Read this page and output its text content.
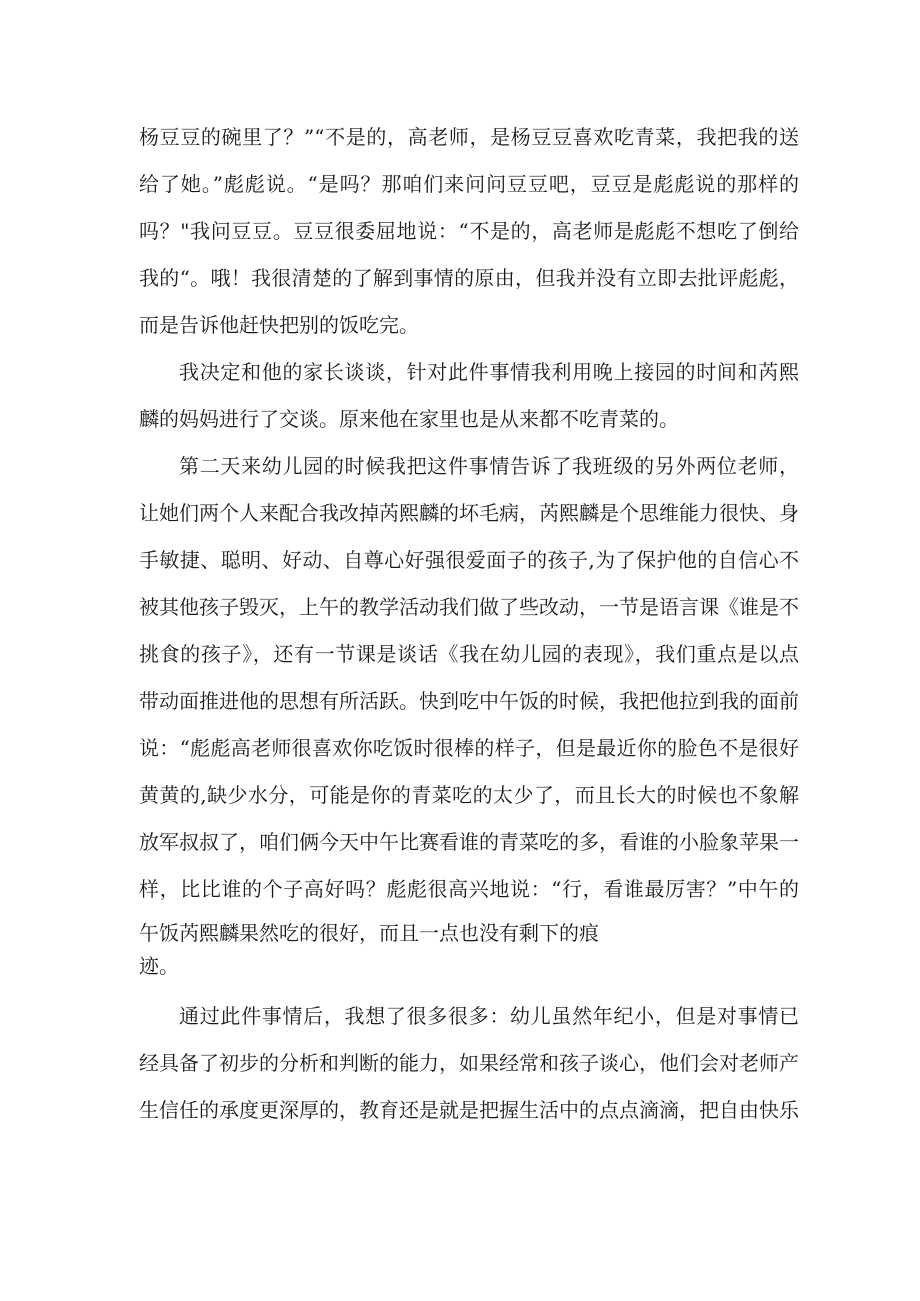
杨豆豆的碗里了？”“不是的，高老师，是杨豆豆喜欢吃青菜，我把我的送
给了她。”彪彪说。“是吗？那咱们来问问豆豆吧，豆豆是彪彪说的那样的
吗？"我问豆豆。豆豆很委屈地说：“不是的，高老师是彪彪不想吃了倒给
我的“。哦！我很清楚的了解到事情的原由，但我并没有立即去批评彪彪，
而是告诉他赶快把别的饭吃完。
我决定和他的家长谈谈，针对此件事情我利用晚上接园的时间和芮熙
麟的妈妈进行了交谈。原来他在家里也是从来都不吃青菜的。
第二天来幼儿园的时候我把这件事情告诉了我班级的另外两位老师，
让她们两个人来配合我改掉芮熙麟的坏毛病，芮熙麟是个思维能力很快、身
手敏捷、聪明、好动、自尊心好强很爱面子的孩子,为了保护他的自信心不
被其他孩子毁灭，上午的教学活动我们做了些改动，一节是语言课《谁是不
挑食的孩子》，还有一节课是谈话《我在幼儿园的表现》，我们重点是以点
带动面推进他的思想有所活跃。快到吃中午饭的时候，我把他拉到我的面前
说：“彪彪高老师很喜欢你吃饭时很棒的样子，但是最近你的脸色不是很好
黄黄的,缺少水分，可能是你的青菜吃的太少了，而且长大的时候也不象解
放军叔叔了，咱们俩今天中午比赛看谁的青菜吃的多，看谁的小脸象苹果一
样，比比谁的个子高好吗？彪彪很高兴地说：“行，看谁最厉害？”中午的
午饭芮熙麟果然吃的很好，而且一点也没有剩下的痕
迹。
通过此件事情后，我想了很多很多：幼儿虽然年纪小，但是对事情已
经具备了初步的分析和判断的能力，如果经常和孩子谈心，他们会对老师产
生信任的承度更深厚的，教育还是就是把握生活中的点点滴滴，把自由快乐
